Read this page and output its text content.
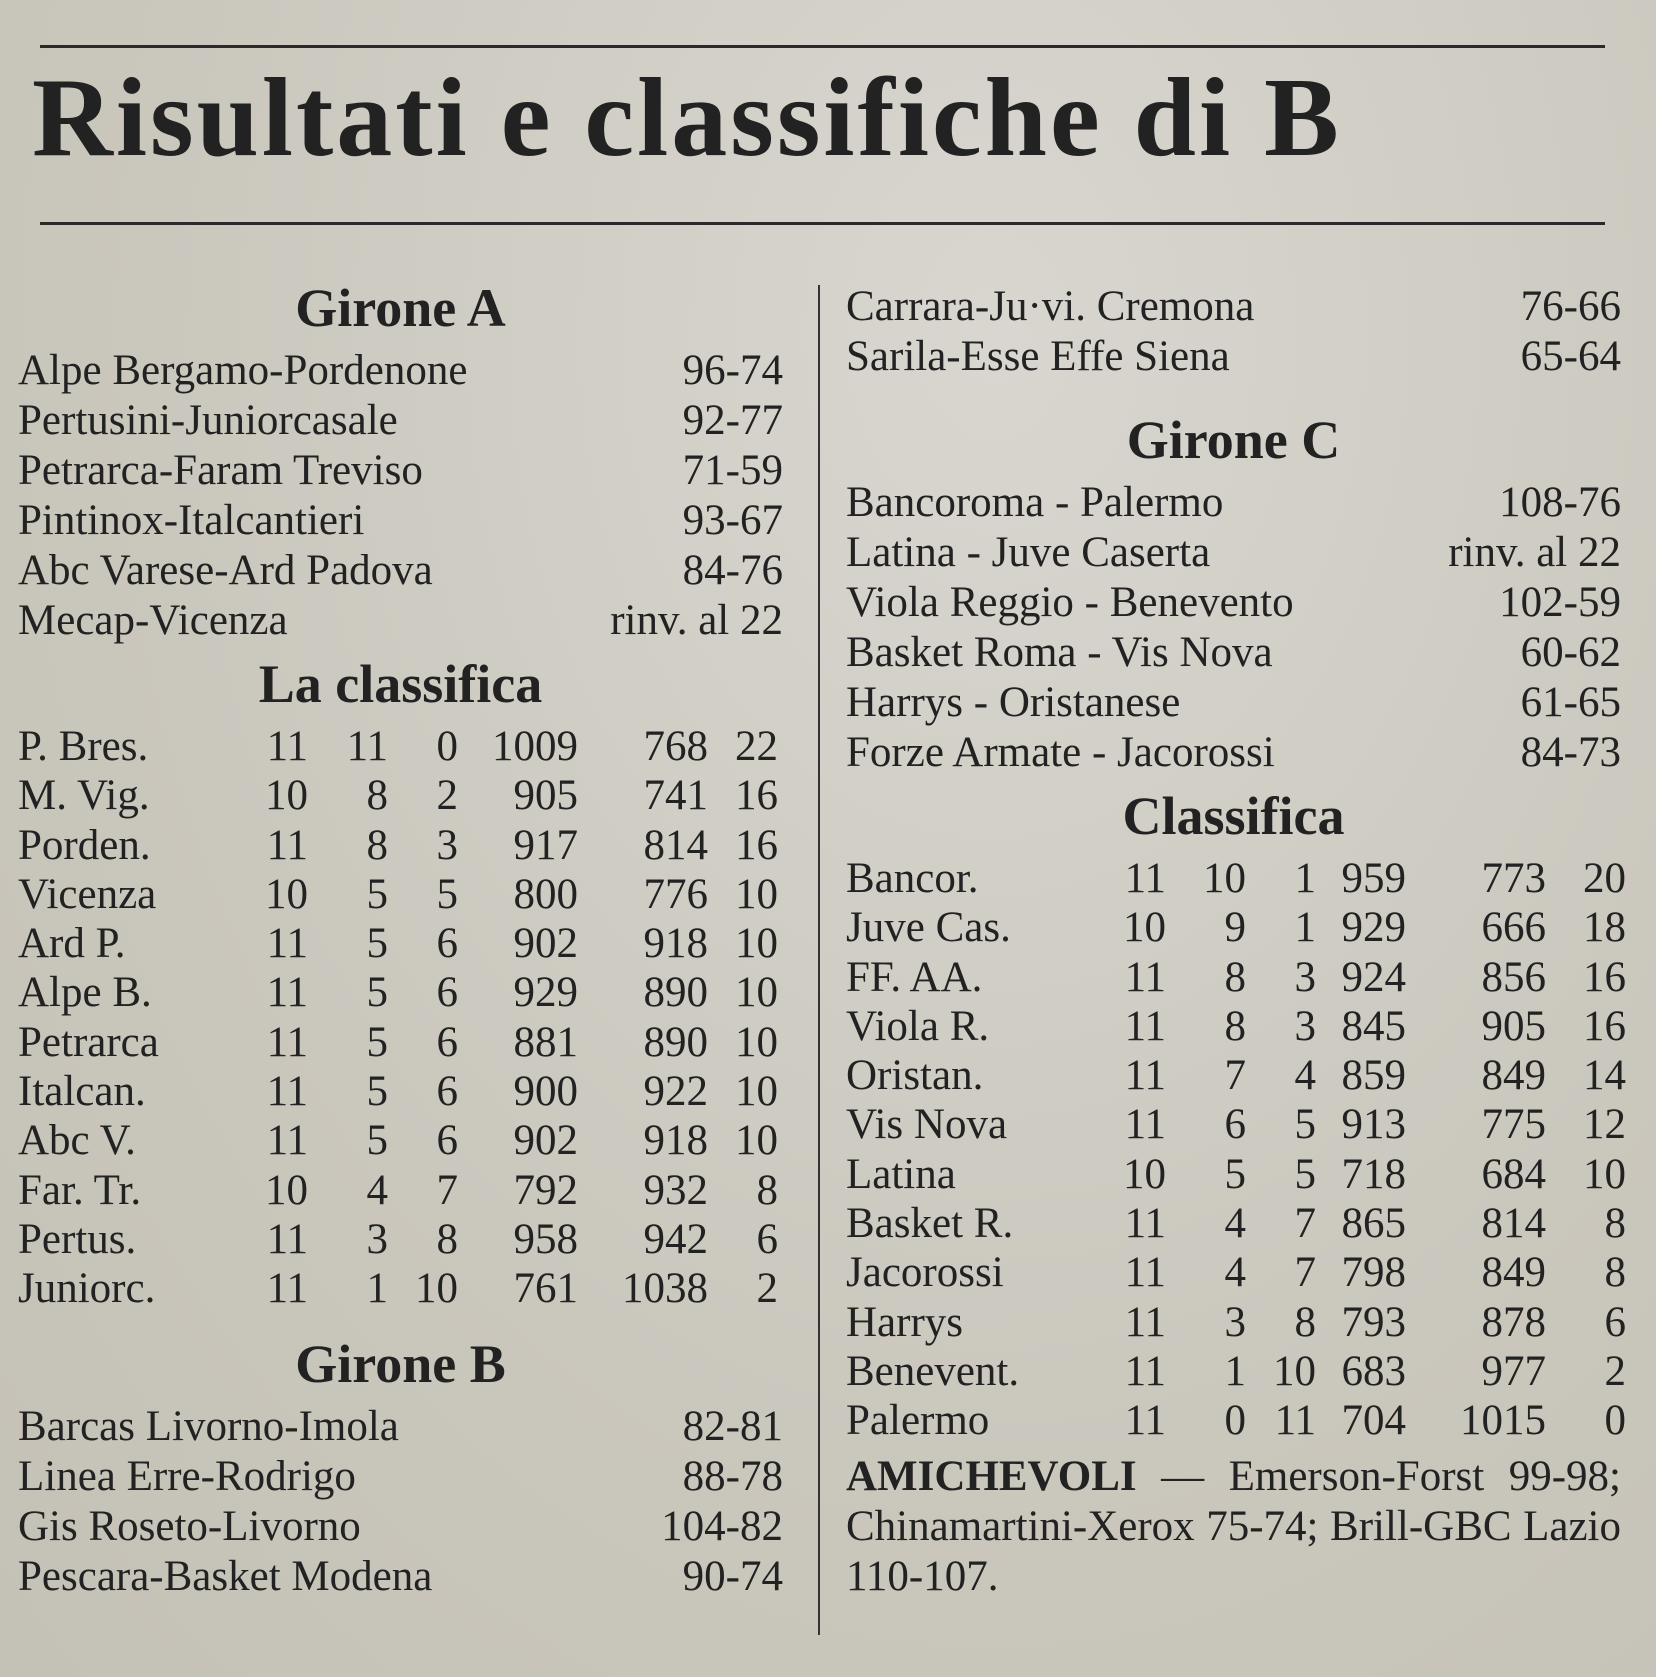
Risultati e classifiche di B
Girone A
Alpe Bergamo-Pordenone	96-74
Pertusini-Juniorcasale	92-77
Petrarca-Faram Treviso	71-59
Pintinox-Italcantieri	93-67
Abc Varese-Ard Padova	84-76
Mecap-Vicenza	rinv. al 22
La classifica
P. Bres.	11 11	0 1009	768 22
M. Vig.	10	8	2	905	741 16
Porden.	11	8	3	917	814 16
Vicenza	10	5	5	800	776 10
Ard P.	11	5	6	902	918 10
Alpe B.	11	5	6	929	890 10
Petrarca	11	5	6	881	890 10
Italcan.	11	5	6	900	922 10
Abc V.	11	5	6	902	918 10
Far. Tr.	10	4	7	792	932	8
Pertus.	11	3	8	958	942	6
Juniorc.	11	1 10	761	1038	2
Girone B
Barcas Livorno-Imola	82-81
Linea Erre-Rodrigo	88-78
Gis Roseto-Livorno	104-82
Pescara-Basket Modena	90-74
Carrara-Ju·vi. Cremona	76-66
Sarila-Esse Effe Siena	65-64
Girone C
Bancoroma - Palermo	108-76
Latina - Juve Caserta	rinv. al 22
Viola Reggio - Benevento	102-59
Basket Roma - Vis Nova	60-62
Harrys - Oristanese	61-65
Forze Armate - Jacorossi	84-73
Classifica
Bancor.	11 10	1 959	773 20
Juve Cas.	10	9	1 929	666 18
FF. AA.	11	8	3 924	856 16
Viola R.	11	8	3 845	905 16
Oristan.	11	7	4 859	849 14
Vis Nova	11	6	5 913	775 12
Latina	10	5	5 718	684 10
Basket R.	11	4	7 865	814	8
Jacorossi	11	4	7 798	849	8
Harrys	11	3	8 793	878	6
Benevent.	11	1 10 683	977	2
Palermo	11	0 11 704	1015	0
AMICHEVOLI — Emerson-Forst 99-98; Chinamartini-Xerox 75-74; Brill-GBC Lazio 110-107.
